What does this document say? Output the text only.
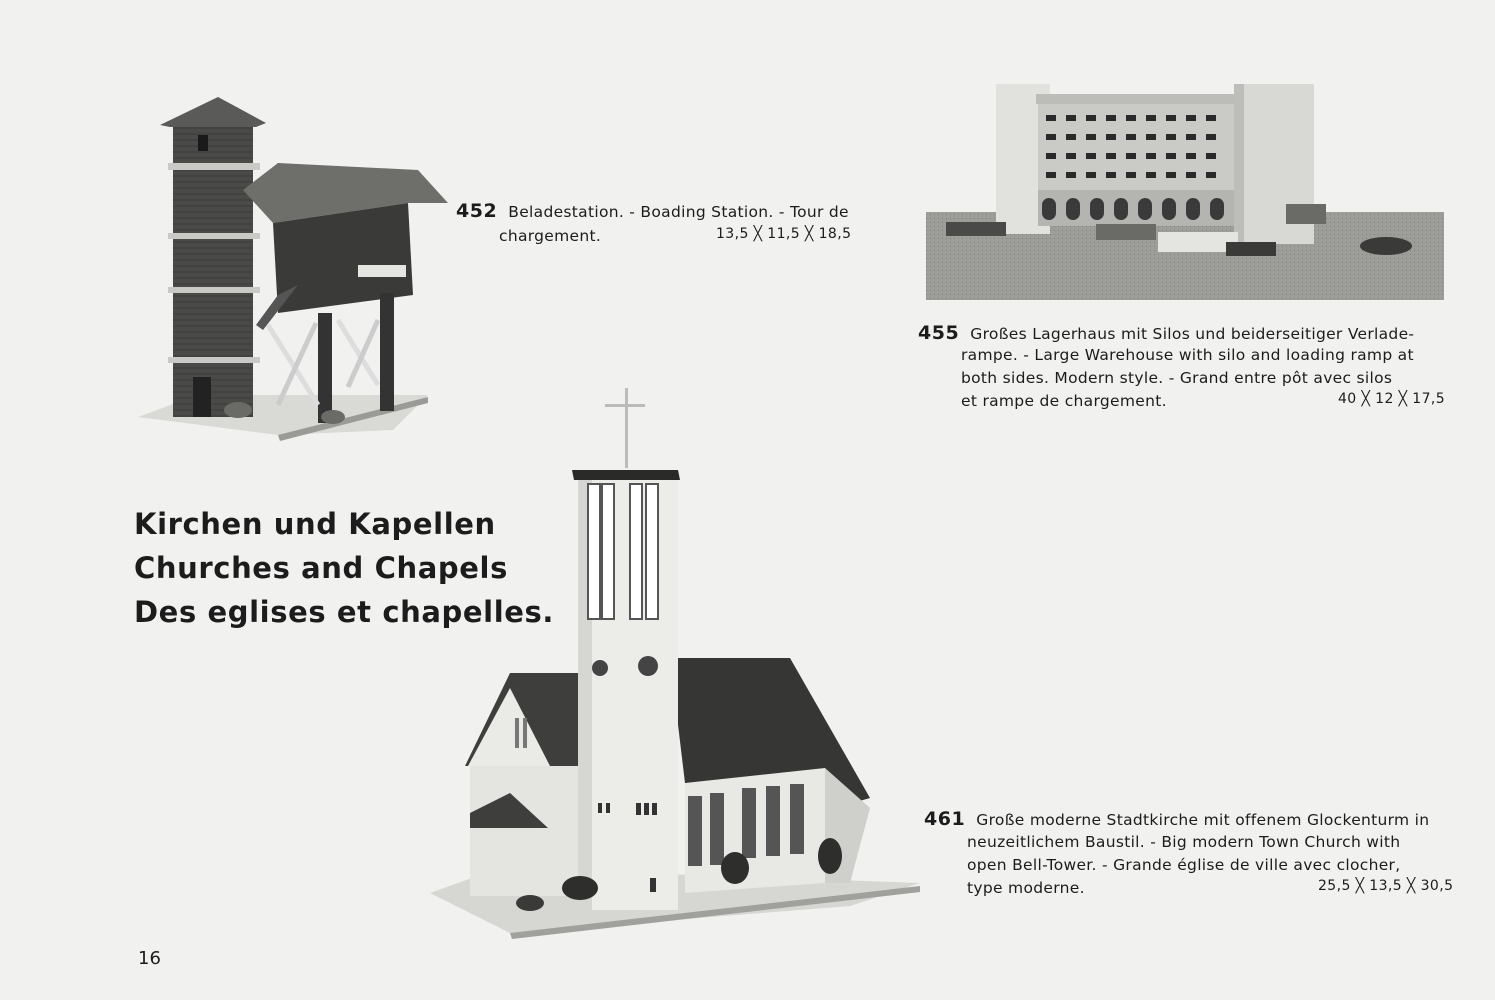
452 Beladestation. - Boading Station. - Tour de
chargement.	13,5 ╳ 11,5 ╳ 18,5
455 Großes Lagerhaus mit Silos und beiderseitiger Verlade-
rampe. - Large Warehouse with silo and loading ramp at
both sides. Modern style. - Grand entre pôt avec silos
et rampe de chargement.	40 ╳ 12 ╳ 17,5
Kirchen und Kapellen
Churches and Chapels
Des eglises et chapelles.
461 Große moderne Stadtkirche mit offenem Glockenturm in
neuzeitlichem Baustil. - Big modern Town Church with
open Bell-Tower. - Grande église de ville avec clocher,
type moderne.	25,5 ╳ 13,5 ╳ 30,5
16
